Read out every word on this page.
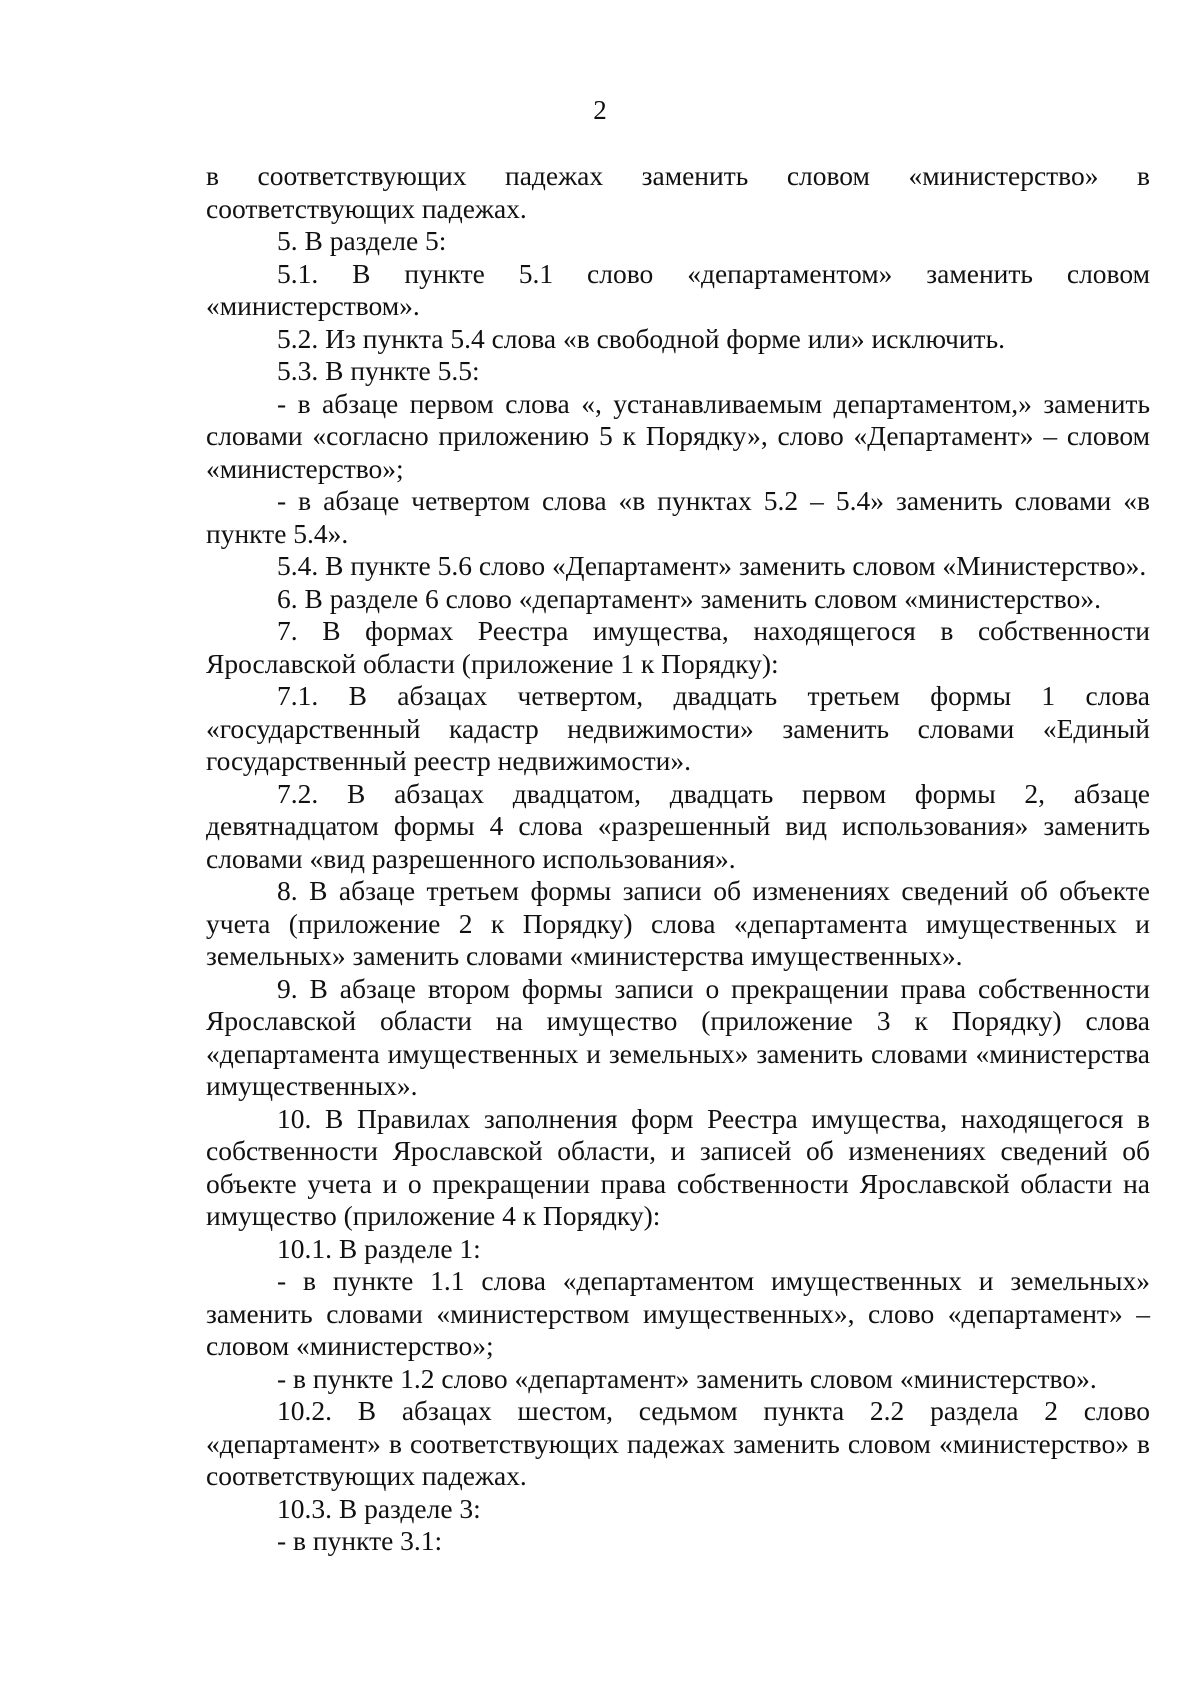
2

в соответствующих падежах заменить словом «министерство» в соответствующих падежах.

5. В разделе 5:

5.1. В пункте 5.1 слово «департаментом» заменить словом «министерством».

5.2. Из пункта 5.4 слова «в свободной форме или» исключить.

5.3. В пункте 5.5:

- в абзаце первом слова «, устанавливаемым департаментом,» заменить словами «согласно приложению 5 к Порядку», слово «Департамент» – словом «министерство»;

- в абзаце четвертом слова «в пунктах 5.2 – 5.4» заменить словами «в пункте 5.4».

5.4. В пункте 5.6 слово «Департамент» заменить словом «Министерство».

6. В разделе 6 слово «департамент» заменить словом «министерство».

7. В формах Реестра имущества, находящегося в собственности Ярославской области (приложение 1 к Порядку):

7.1. В абзацах четвертом, двадцать третьем формы 1 слова «государственный кадастр недвижимости» заменить словами «Единый государственный реестр недвижимости».

7.2. В абзацах двадцатом, двадцать первом формы 2, абзаце девятнадцатом формы 4 слова «разрешенный вид использования» заменить словами «вид разрешенного использования».

8. В абзаце третьем формы записи об изменениях сведений об объекте учета (приложение 2 к Порядку) слова «департамента имущественных и земельных» заменить словами «министерства имущественных».

9. В абзаце втором формы записи о прекращении права собственности Ярославской области на имущество (приложение 3 к Порядку) слова «департамента имущественных и земельных» заменить словами «министерства имущественных».

10. В Правилах заполнения форм Реестра имущества, находящегося в собственности Ярославской области, и записей об изменениях сведений об объекте учета и о прекращении права собственности Ярославской области на имущество (приложение 4 к Порядку):

10.1. В разделе 1:

- в пункте 1.1 слова «департаментом имущественных и земельных» заменить словами «министерством имущественных», слово «департамент» – словом «министерство»;

- в пункте 1.2 слово «департамент» заменить словом «министерство».

10.2. В абзацах шестом, седьмом пункта 2.2 раздела 2 слово «департамент» в соответствующих падежах заменить словом «министерство» в соответствующих падежах.

10.3. В разделе 3:

- в пункте 3.1:
